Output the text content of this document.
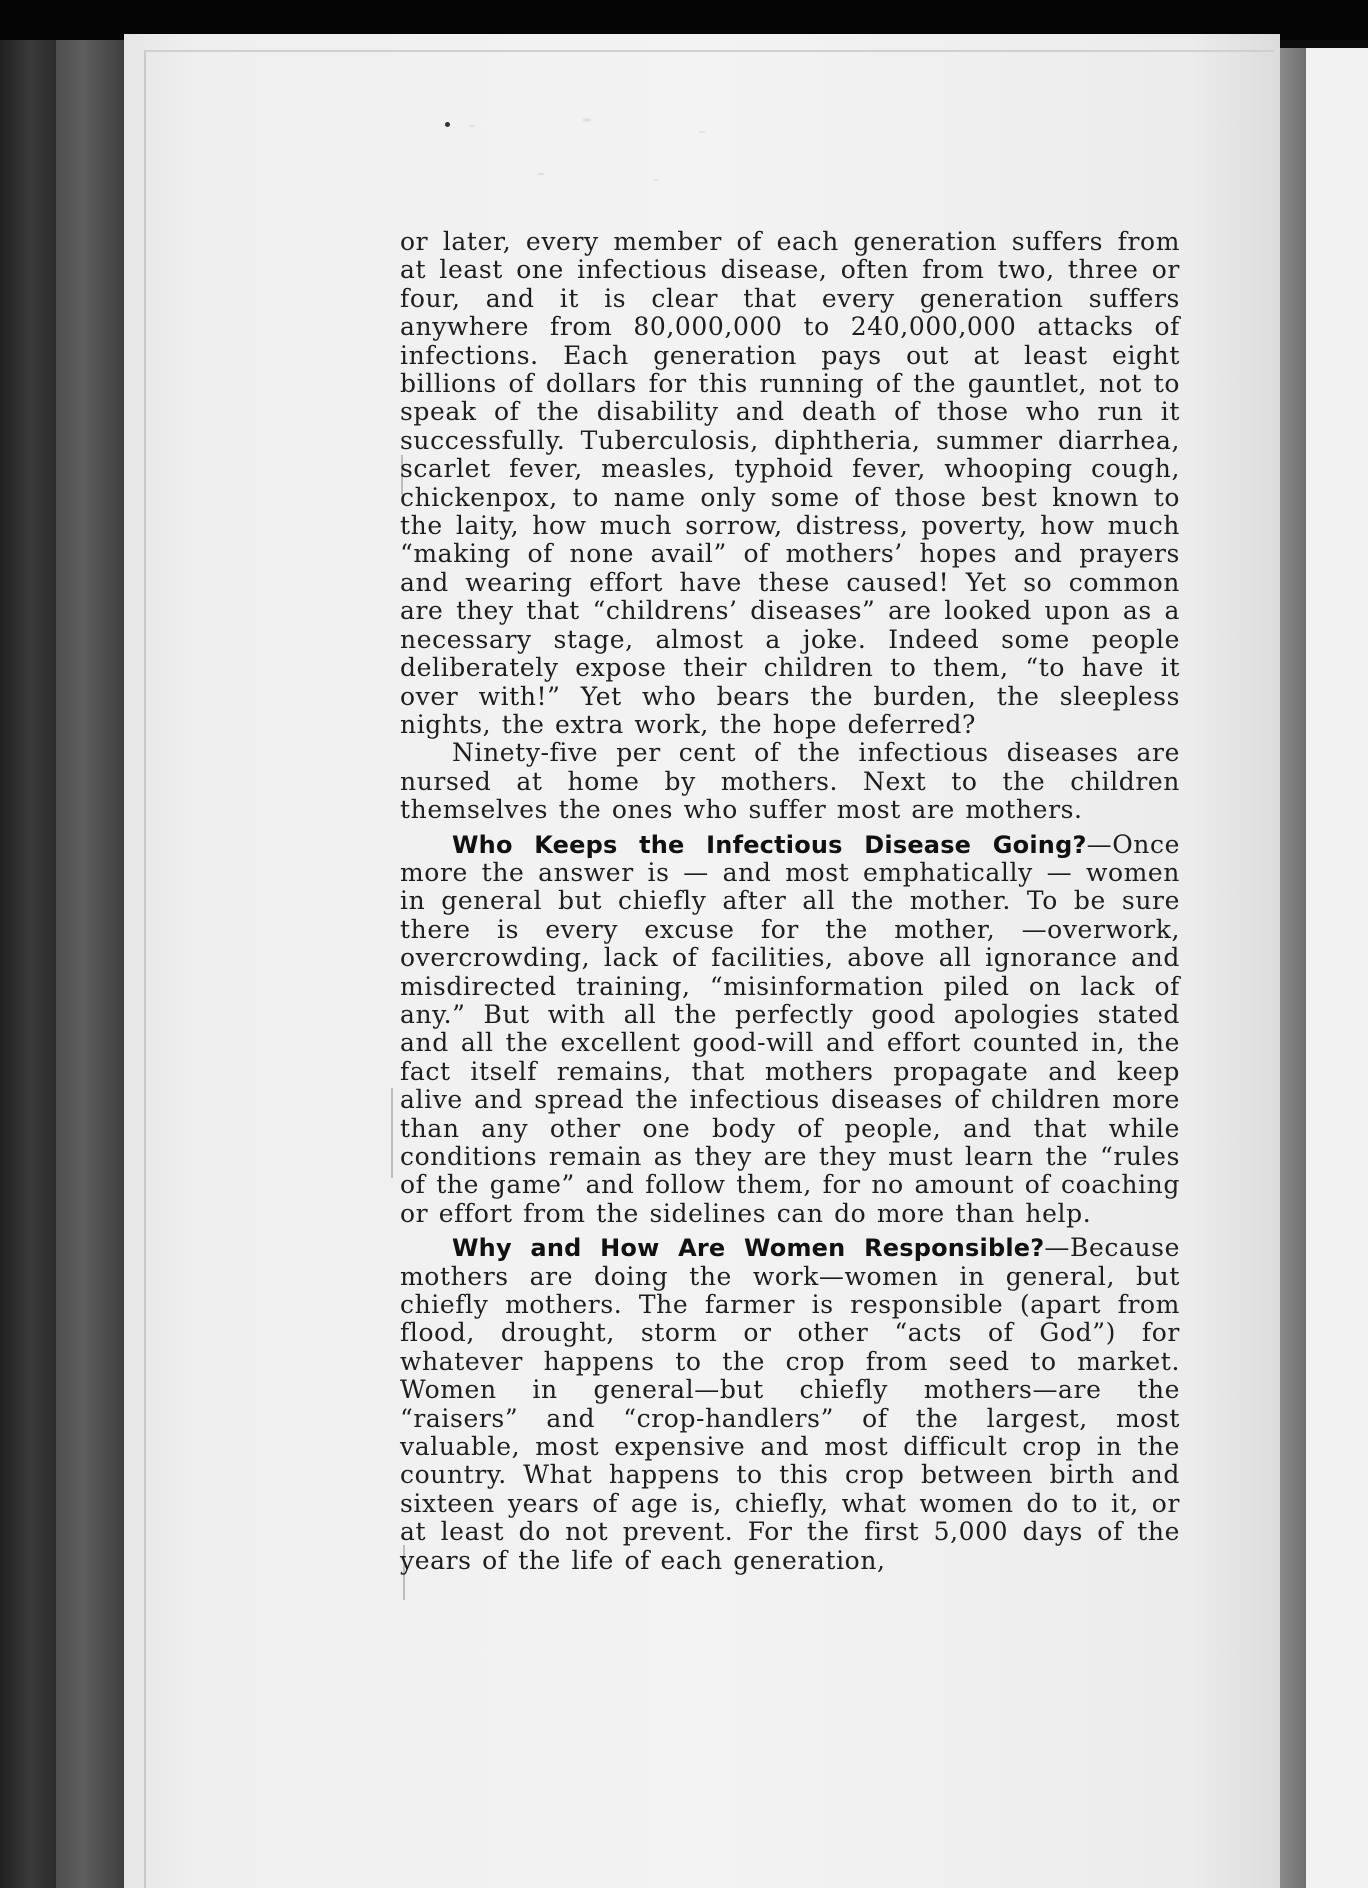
or later, every member of each generation suffers from at least one infectious disease, often from two, three or four, and it is clear that every generation suffers anywhere from 80,000,000 to 240,000,000 attacks of infections. Each generation pays out at least eight billions of dollars for this running of the gauntlet, not to speak of the disability and death of those who run it successfully. Tuberculosis, diphtheria, summer diarrhea, scarlet fever, measles, typhoid fever, whooping cough, chickenpox, to name only some of those best known to the laity, how much sorrow, distress, poverty, how much “making of none avail” of mothers’ hopes and prayers and wearing effort have these caused! Yet so common are they that “childrens’ diseases” are looked upon as a necessary stage, almost a joke. Indeed some people deliberately expose their children to them, “to have it over with!” Yet who bears the burden, the sleepless nights, the extra work, the hope deferred?

Ninety-five per cent of the infectious diseases are nursed at home by mothers. Next to the children themselves the ones who suffer most are mothers.

Who Keeps the Infectious Disease Going?—Once more the answer is — and most emphatically — women in general but chiefly after all the mother. To be sure there is every excuse for the mother, —overwork, overcrowding, lack of facilities, above all ignorance and misdirected training, “misinformation piled on lack of any.” But with all the perfectly good apologies stated and all the excellent good-will and effort counted in, the fact itself remains, that mothers propagate and keep alive and spread the infectious diseases of children more than any other one body of people, and that while conditions remain as they are they must learn the “rules of the game” and follow them, for no amount of coaching or effort from the sidelines can do more than help.

Why and How Are Women Responsible?—Because mothers are doing the work—women in general, but chiefly mothers. The farmer is responsible (apart from flood, drought, storm or other “acts of God”) for whatever happens to the crop from seed to market. Women in general—but chiefly mothers—are the “raisers” and “crop-handlers” of the largest, most valuable, most expensive and most difficult crop in the country. What happens to this crop between birth and sixteen years of age is, chiefly, what women do to it, or at least do not prevent. For the first 5,000 days of the years of the life of each generation,
